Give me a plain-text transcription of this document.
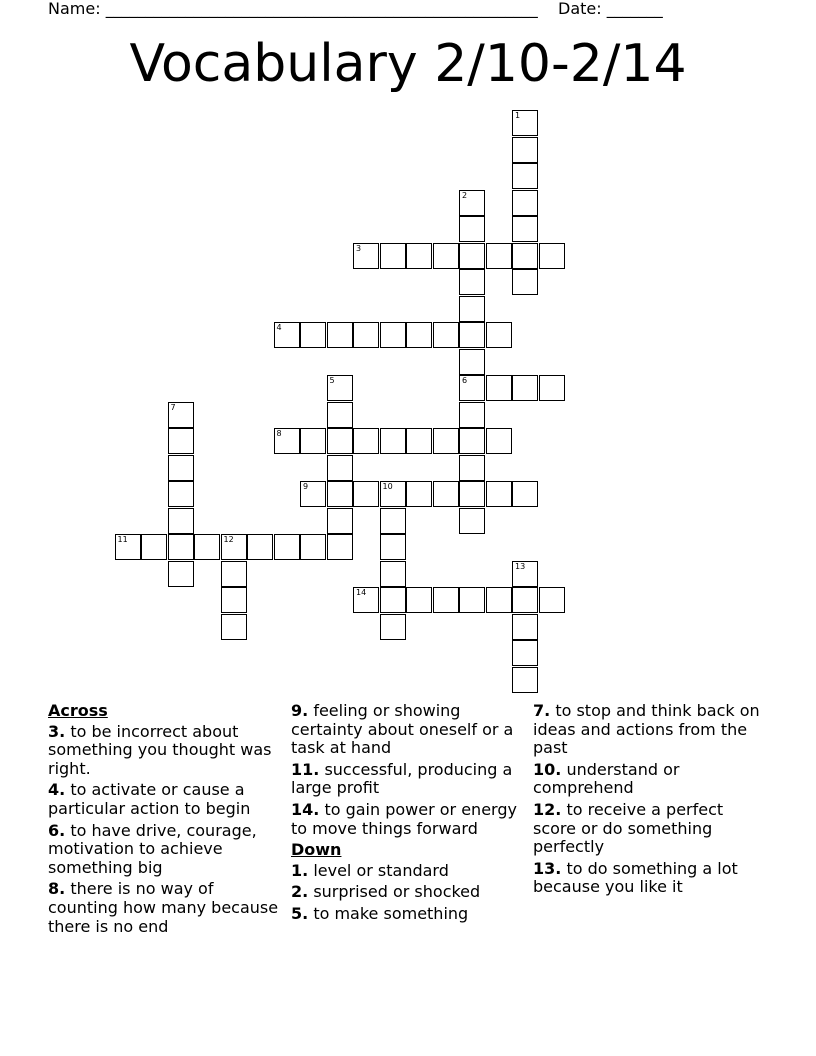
Name: ______________________________________________________ Date: _______
Vocabulary 2/10-2/14
3
4
6
8
9	10
11	12
14
1
2
5
7
13
Across
3. to be incorrect about something you thought was right.
4. to activate or cause a particular action to begin
6. to have drive, courage, motivation to achieve something big
8. there is no way of counting how many because there is no end
9. feeling or showing certainty about oneself or a task at hand
11. successful, producing a large profit
14. to gain power or energy to move things forward
Down
1. level or standard
2. surprised or shocked
5. to make something
7. to stop and think back on ideas and actions from the past
10. understand or comprehend
12. to receive a perfect score or do something perfectly
13. to do something a lot because you like it
